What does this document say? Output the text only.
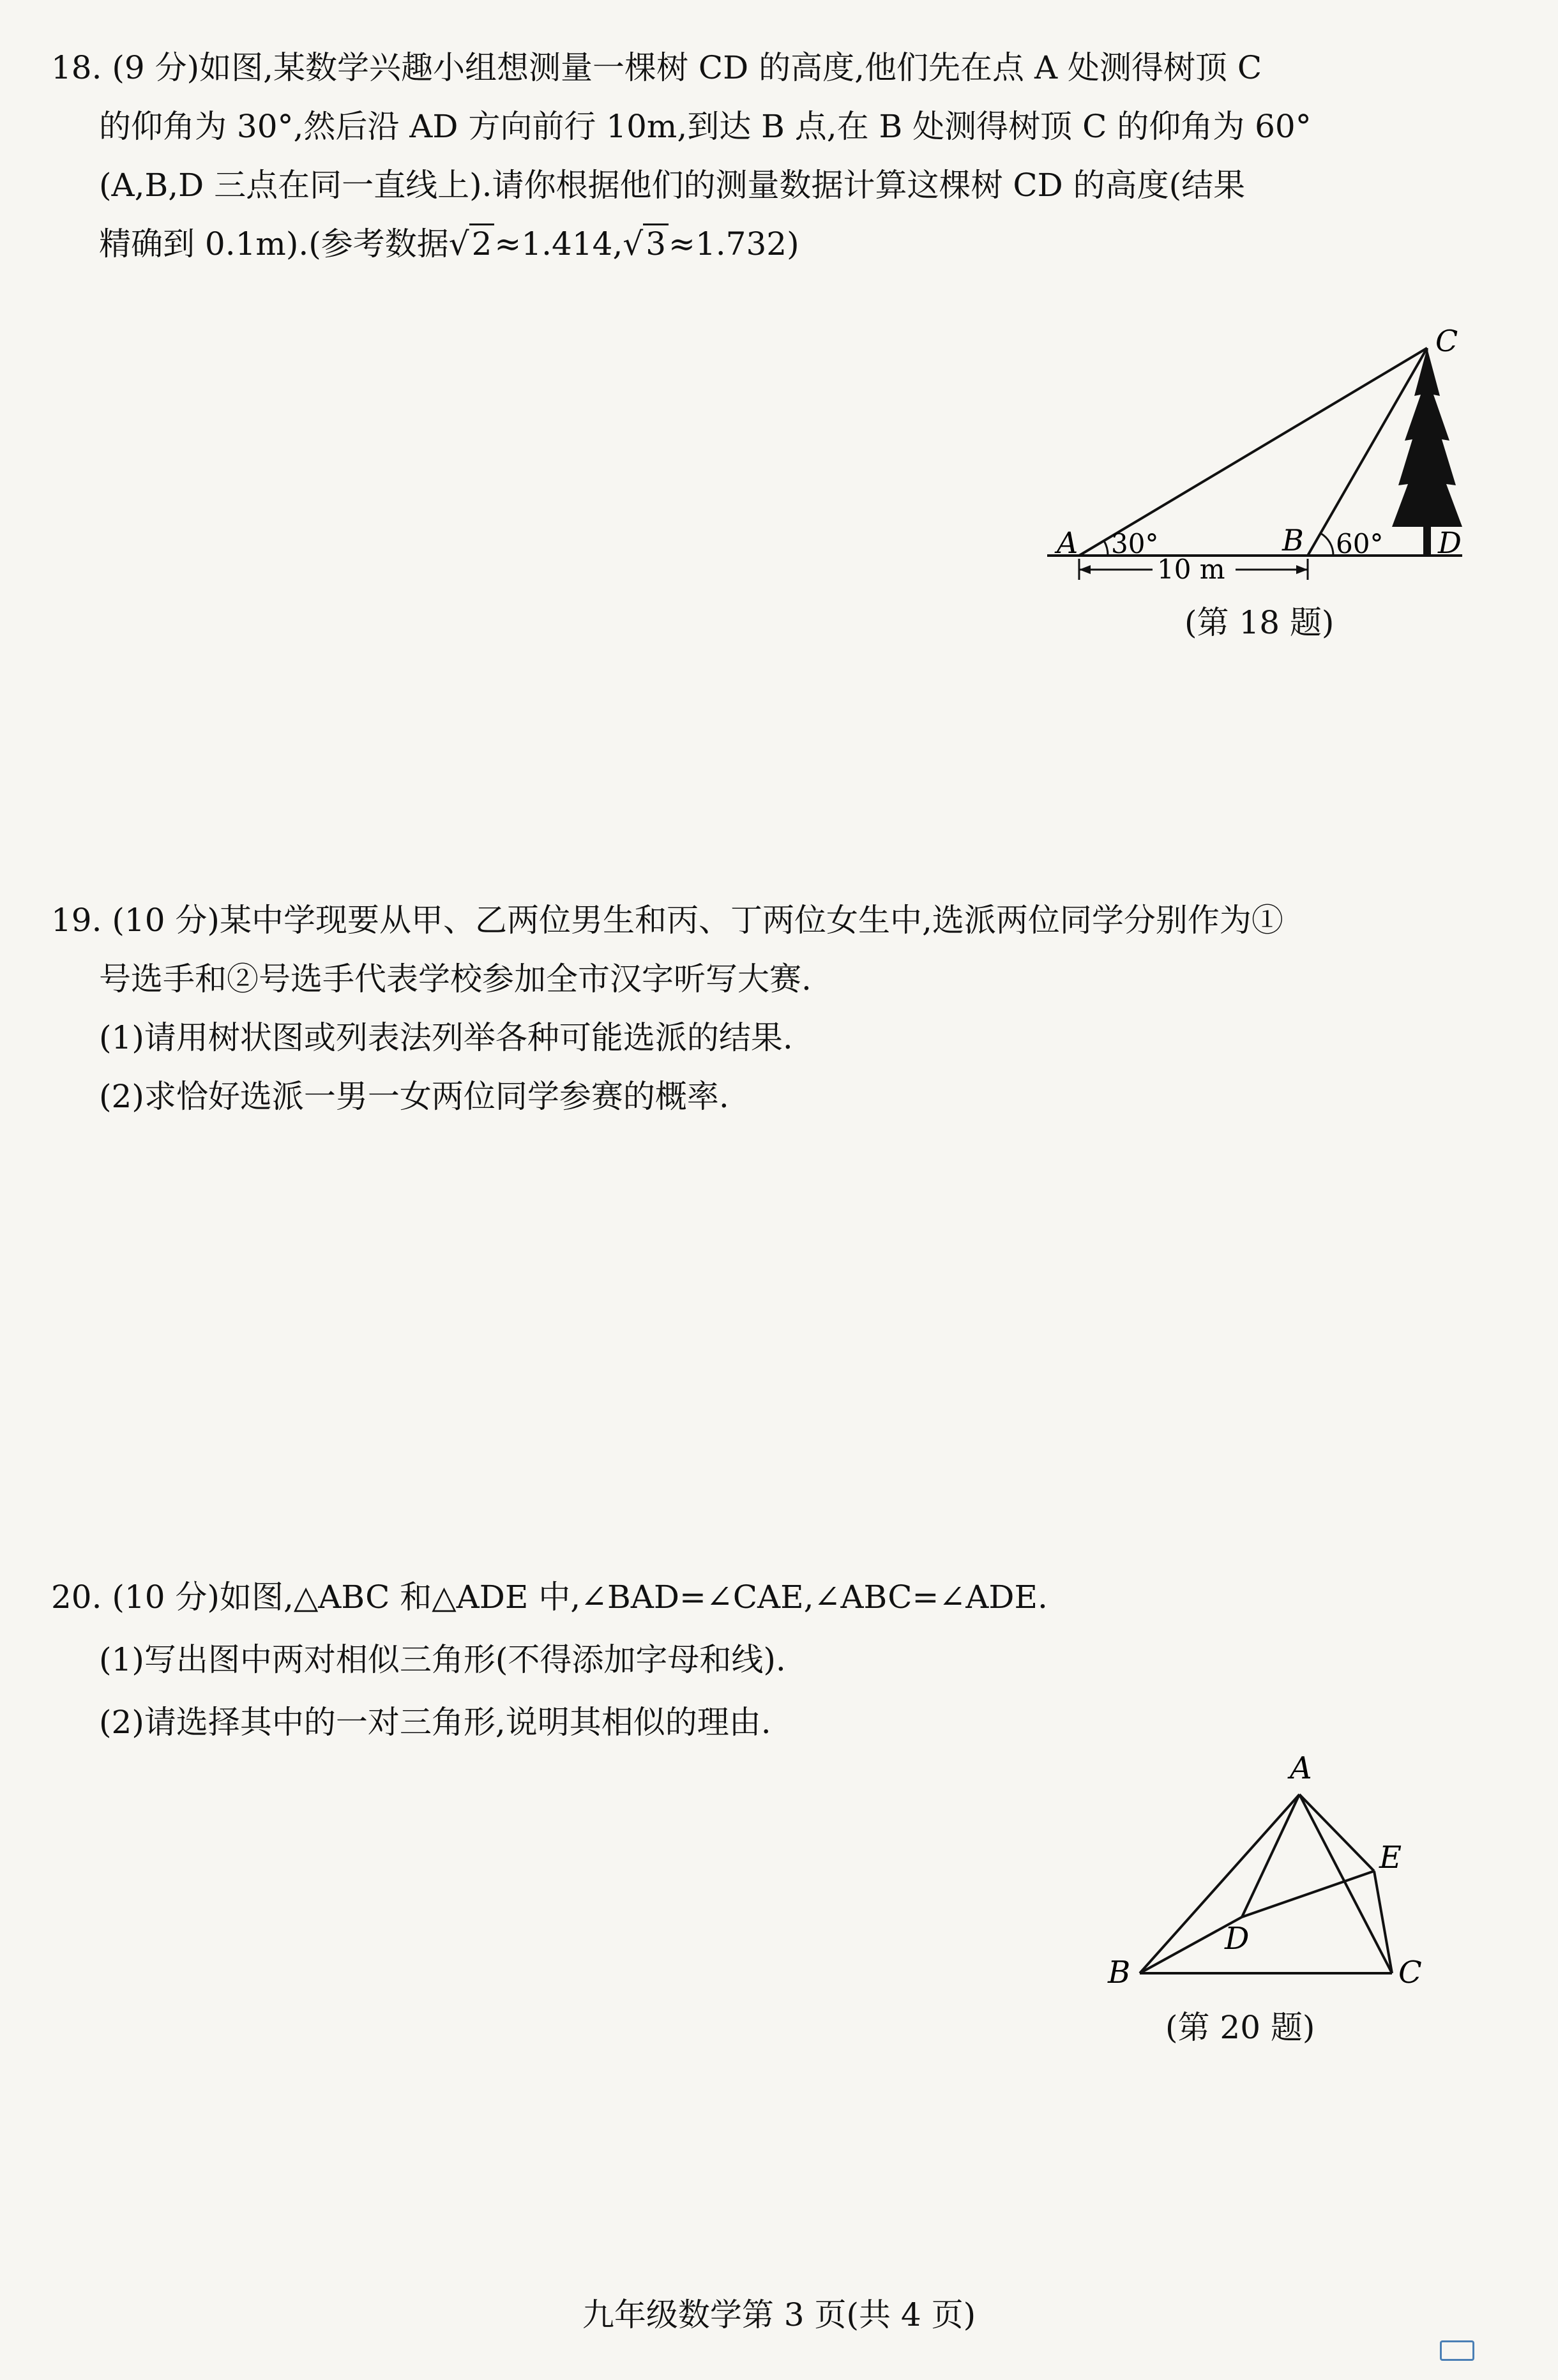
18. (9 分)如图,某数学兴趣小组想测量一棵树 CD 的高度,他们先在点 A 处测得树顶 C

的仰角为 30°,然后沿 AD 方向前行 10m,到达 B 点,在 B 处测得树顶 C 的仰角为 60°

(A,B,D 三点在同一直线上).请你根据他们的测量数据计算这棵树 CD 的高度(结果

精确到 0.1m).(参考数据√2≈1.414,√3≈1.732)

A 30°	B 60°
C
D
10 m
(第 18 题)

19. (10 分)某中学现要从甲、乙两位男生和丙、丁两位女生中,选派两位同学分别作为①

号选手和②号选手代表学校参加全市汉字听写大赛.

(1)请用树状图或列表法列举各种可能选派的结果.

(2)求恰好选派一男一女两位同学参赛的概率.

20. (10 分)如图,△ABC 和△ADE 中,∠BAD=∠CAE,∠ABC=∠ADE.

(1)写出图中两对相似三角形(不得添加字母和线).

(2)请选择其中的一对三角形,说明其相似的理由.

A
B	C
D
E
(第 20 题)
九年级数学第 3 页(共 4 页)
